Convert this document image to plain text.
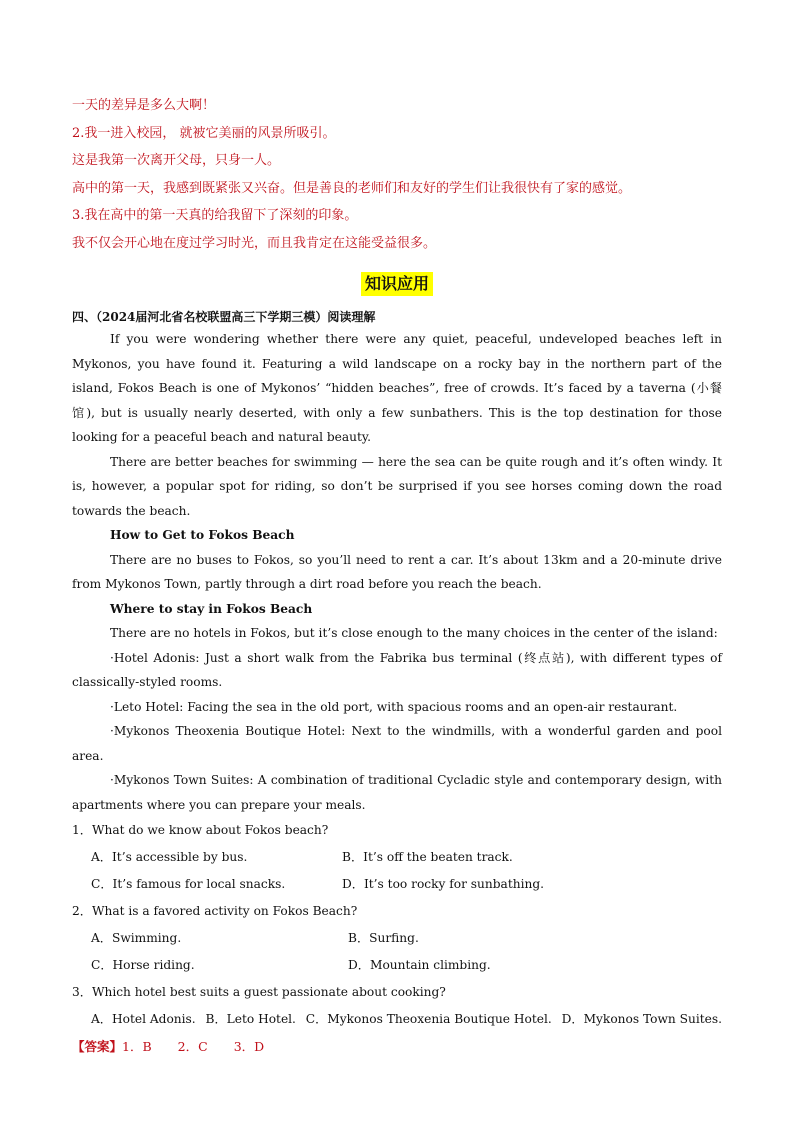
一天的差异是多么大啊！
2.我一进入校园， 就被它美丽的风景所吸引。
这是我第一次离开父母，只身一人。
高中的第一天，我感到既紧张又兴奋。但是善良的老师们和友好的学生们让我很快有了家的感觉。
3.我在高中的第一天真的给我留下了深刻的印象。
我不仅会开心地在度过学习时光，而且我肯定在这能受益很多。
知识应用
四、（2024届河北省名校联盟高三下学期三模）阅读理解

If you were wondering whether there were any quiet, peaceful, undeveloped beaches left in Mykonos, you have found it. Featuring a wild landscape on a rocky bay in the northern part of the island, Fokos Beach is one of Mykonos’ “hidden beaches”, free of crowds. It’s faced by a taverna (小餐馆), but is usually nearly deserted, with only a few sunbathers. This is the top destination for those looking for a peaceful beach and natural beauty.

There are better beaches for swimming — here the sea can be quite rough and it’s often windy. It is, however, a popular spot for riding, so don’t be surprised if you see horses coming down the road towards the beach.

How to Get to Fokos Beach

There are no buses to Fokos, so you’ll need to rent a car. It’s about 13km and a 20-minute drive from Mykonos Town, partly through a dirt road before you reach the beach.

Where to stay in Fokos Beach

There are no hotels in Fokos, but it’s close enough to the many choices in the center of the island:

·Hotel Adonis: Just a short walk from the Fabrika bus terminal (终点站), with different types of classically-styled rooms.

·Leto Hotel: Facing the sea in the old port, with spacious rooms and an open-air restaurant.

·Mykonos Theoxenia Boutique Hotel: Next to the windmills, with a wonderful garden and pool area.

·Mykonos Town Suites: A combination of traditional Cycladic style and contemporary design, with apartments where you can prepare your meals.

1．What do we know about Fokos beach?
A．It’s accessible by bus.	B．It’s off the beaten track.
C．It’s famous for local snacks.	D．It’s too rocky for sunbathing.
2．What is a favored activity on Fokos Beach?
A．Swimming.	B．Surfing.
C．Horse riding.	D．Mountain climbing.
3．Which hotel best suits a guest passionate about cooking?
A．Hotel Adonis. B．Leto Hotel. C．Mykonos Theoxenia Boutique Hotel. D．Mykonos Town Suites.
【答案】1．B 2．C 3．D
